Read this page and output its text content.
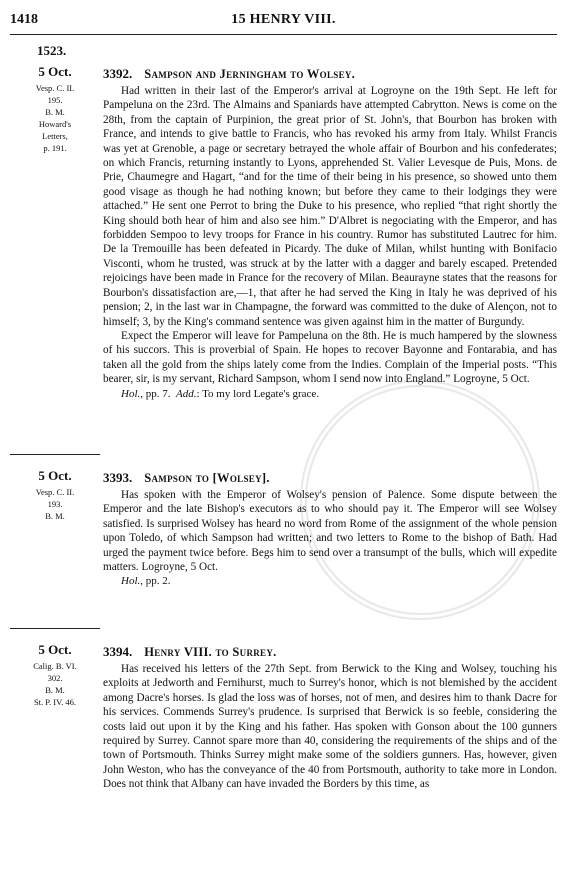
1418	15 HENRY VIII.
1523.
5 Oct.
Vesp. C. II.
195.
B. M.
Howard's
Letters,
p. 191.
3392. Sampson and Jerningham to Wolsey.

Had written in their last of the Emperor's arrival at Logroyne on the 19th Sept. He left for Pampeluna on the 23rd. The Almains and Spaniards have attempted Cabrytton. News is come on the 28th, from the captain of Purpinion, the great prior of St. John's, that Bourbon has broken with France, and intends to give battle to Francis, who has revoked his army from Italy. Whilst Francis was yet at Grenoble, a page or secretary betrayed the whole affair of Bourbon and his confederates; on which Francis, returning instantly to Lyons, apprehended St. Valier Levesque de Puis, Mons. de Prie, Chaumegre and Hagart, “and for the time of their being in his presence, so showed unto them good visage as though he had nothing known; but before they came to their lodgings they were attached.” He sent one Perrot to bring the Duke to his presence, who replied “that right shortly the King should both hear of him and also see him.” D'Albret is negociating with the Emperor, and has forbidden Sempoo to levy troops for France in his country. Rumor has substituted Lautrec for him. De la Tremouille has been defeated in Picardy. The duke of Milan, whilst hunting with Bonifacio Visconti, whom he trusted, was struck at by the latter with a dagger and barely escaped. Pretended rejoicings have been made in France for the recovery of Milan. Beaurayne states that the reasons for Bourbon's dissatisfaction are,—1, that after he had served the King in Italy he was deprived of his pension; 2, in the last war in Champagne, the forward was committed to the duke of Alençon, not to himself; 3, by the King's command sentence was given against him in the matter of Burgundy.

Expect the Emperor will leave for Pampeluna on the 8th. He is much hampered by the slowness of his succors. This is proverbial of Spain. He hopes to recover Bayonne and Fontarabia, and has taken all the gold from the ships lately come from the Indies. Complain of the Imperial posts. “This bearer, sir, is my servant, Richard Sampson, whom I send now into England.” Logroyne, 5 Oct.

Hol., pp. 7. Add.: To my lord Legate's grace.
5 Oct.
Vesp. C. II.
193.
B. M.
3393. Sampson to [Wolsey].

Has spoken with the Emperor of Wolsey's pension of Palence. Some dispute between the Emperor and the late Bishop's executors as to who should pay it. The Emperor will see Wolsey satisfied. Is surprised Wolsey has heard no word from Rome of the assignment of the whole pension upon Toledo, of which Sampson had written; and two letters to Rome to the bishop of Bath. Had urged the payment twice before. Begs him to send over a transumpt of the bulls, which will expedite matters. Logroyne, 5 Oct.

Hol., pp. 2.
5 Oct.
Calig. B. VI.
302.
B. M.
St. P. IV. 46.
3394. Henry VIII. to Surrey.

Has received his letters of the 27th Sept. from Berwick to the King and Wolsey, touching his exploits at Jedworth and Fernihurst, much to Surrey's honor, which is not blemished by the accident among Dacre's horses. Is glad the loss was of horses, not of men, and desires him to thank Dacre for his services. Commends Surrey's prudence. Is surprised that Berwick is so feeble, considering the costs laid out upon it by the King and his father. Has spoken with Gonson about the 100 gunners required by Surrey. Cannot spare more than 40, considering the requirements of the ships and of the town of Portsmouth. Thinks Surrey might make some of the soldiers gunners. Has, however, given John Weston, who has the conveyance of the 40 from Portsmouth, authority to take more in London. Does not think that Albany can have invaded the Borders by this time, as
